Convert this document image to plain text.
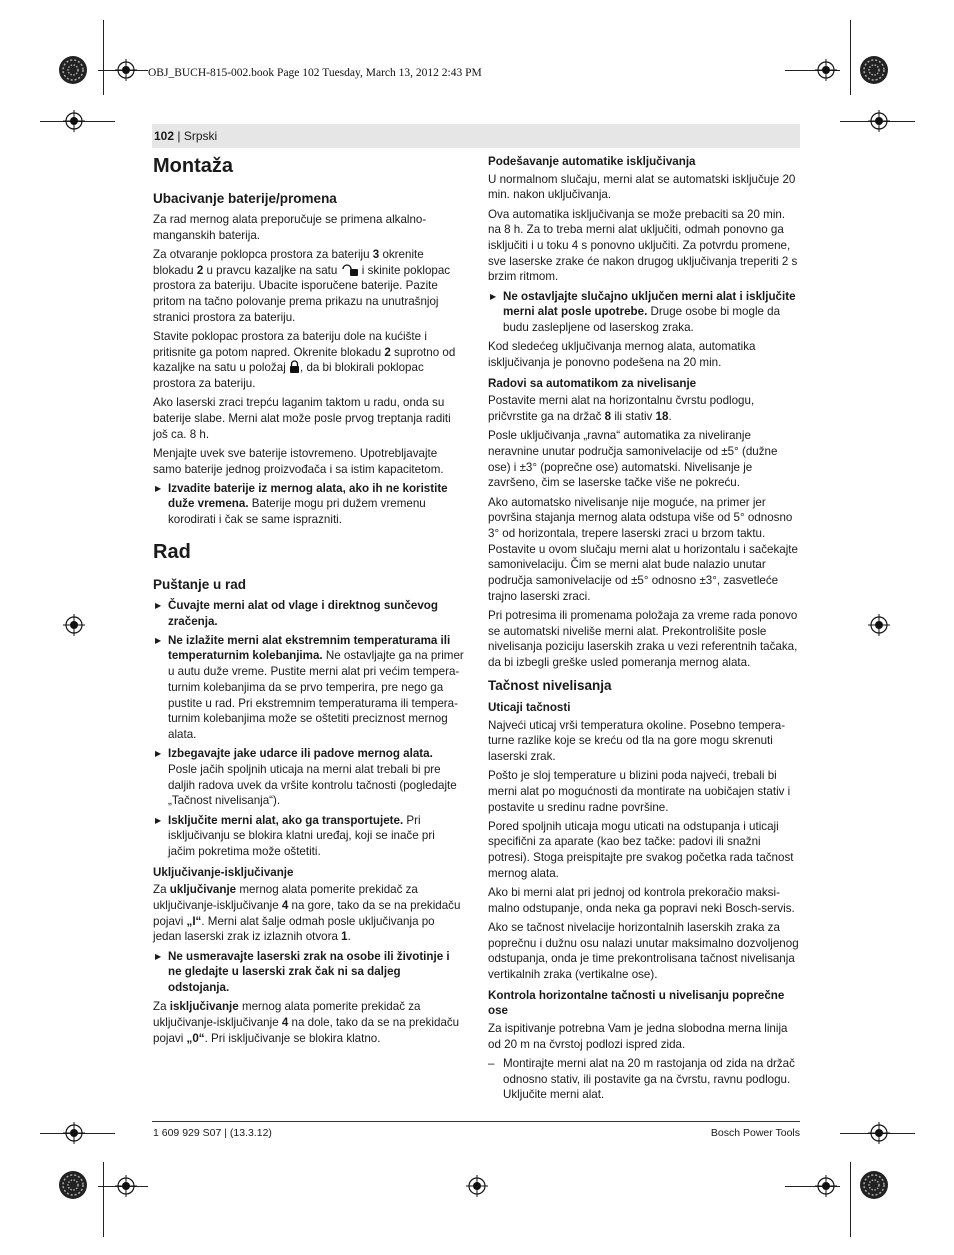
OBJ_BUCH-815-002.book Page 102 Tuesday, March 13, 2012 2:43 PM
102 | Srpski
Montaža
Ubacivanje baterije/promena

Za rad mernog alata preporučuje se primena alkalno-manganskih baterija.

Za otvaranje poklopca prostora za bateriju 3 okrenite blokadu 2 u pravcu kazaljke na satu  i skinite poklopac prostora za bateriju. Ubacite isporučene baterije. Pazite pritom na tačno polovanje prema prikazu na unutrašnjoj stranici prostora za bateriju.

Stavite poklopac prostora za bateriju dole na kućište i pritisnite ga potom napred. Okrenite blokadu 2 suprotno od kazaljke na satu u položaj , da bi blokirali poklopac prostora za bateriju.

Ako laserski zraci trepću laganim taktom u radu, onda su baterije slabe. Merni alat može posle prvog treptanja raditi još ca. 8 h.

Menjajte uvek sve baterije istovremeno. Upotrebljavajte samo baterije jednog proizvođača i sa istim kapacitetom.

▶ Izvadite baterije iz mernog alata, ako ih ne koristite duže vremena. Baterije mogu pri dužem vremenu korodirati i čak se same isprazniti.

Rad
Puštanje u rad

▶ Čuvajte merni alat od vlage i direktnog sunčevog zračenja.

▶ Ne izlažite merni alat ekstremnim temperaturama ili temperaturnim kolebanjima. Ne ostavljajte ga na primer u autu duže vreme. Pustite merni alat pri većim temperaturnim kolebanjima da se prvo temperira, pre nego ga pustite u rad. Pri ekstremnim temperaturama ili temperaturnim kolebanjima može se oštetiti preciznost mernog alata.

▶ Izbegavajte jake udarce ili padove mernog alata. Posle jačih spoljnih uticaja na merni alat trebali bi pre daljih radova uvek da vršite kontrolu tačnosti (pogledajte „Tačnost nivelisanja“).

▶ Isključite merni alat, ako ga transportujete. Pri isključivanju se blokira klatni uređaj, koji se inače pri jačim pokretima može oštetiti.

Uključivanje-isključivanje

Za uključivanje mernog alata pomerite prekidač za uključivanje-isključivanje 4 na gore, tako da se na prekidaču pojavi „I“. Merni alat šalje odmah posle uključivanja po jedan laserski zrak iz izlaznih otvora 1.

▶ Ne usmeravajte laserski zrak na osobe ili životinje i ne gledajte u laserski zrak čak ni sa daljeg odstojanja.

Za isključivanje mernog alata pomerite prekidač za uključivanje-isključivanje 4 na dole, tako da se na prekidaču pojavi „0“. Pri isključivanje se blokira klatno.

Podešavanje automatike isključivanja

U normalnom slučaju, merni alat se automatski isključuje 20 min. nakon uključivanja.

Ova automatika isključivanja se može prebaciti sa 20 min. na 8 h. Za to treba merni alat uključiti, odmah ponovno ga isključiti i u toku 4 s ponovno uključiti. Za potvrdu promene, sve laserske zrake će nakon drugog uključivanja treperiti 2 s brzim ritmom.

▶ Ne ostavljajte slučajno uključen merni alat i isključite merni alat posle upotrebe. Druge osobe bi mogle da budu zaslepljene od laserskog zraka.

Kod sledećeg uključivanja mernog alata, automatika isključivanja je ponovno podešena na 20 min.

Radovi sa automatikom za nivelisanje

Postavite merni alat na horizontalnu čvrstu podlogu, pričvrstite ga na držač 8 ili stativ 18.

Posle uključivanja „ravna“ automatika za niveliranje neravnine unutar područja samonivelacije od ±5° (dužne ose) i ±3° (poprečne ose) automatski. Nivelisanje je završeno, čim se laserske tačke više ne pokreću.

Ako automatsko nivelisanje nije moguće, na primer jer površina stajanja mernog alata odstupa više od 5° odnosno 3° od horizontala, trepere laserski zraci u brzom taktu. Postavite u ovom slučaju merni alat u horizontalu i sačekajte samonivelaciju. Čim se merni alat bude nalazio unutar područja samonivelacije od ±5° odnosno ±3°, zasvetleće trajno laserski zraci.

Pri potresima ili promenama položaja za vreme rada ponovo se automatski niveliše merni alat. Prekontrolišite posle nivelisanja poziciju laserskih zraka u vezi referentnih tačaka, da bi izbegli greške usled pomeranja mernog alata.

Tačnost nivelisanja
Uticaji tačnosti

Najveći uticaj vrši temperatura okoline. Posebno temperaturne razlike koje se kreću od tla na gore mogu skrenuti laserski zrak.

Pošto je sloj temperature u blizini poda najveći, trebali bi merni alat po mogućnosti da montirate na uobičajen stativ i postavite u sredinu radne površine.

Pored spoljnih uticaja mogu uticati na odstupanja i uticaji specifični za aparate (kao bez tačke: padovi ili snažni potresi). Stoga preispitajte pre svakog početka rada tačnost mernog alata.

Ako bi merni alat pri jednoj od kontrola prekoračio maksimalno odstupanje, onda neka ga popravi neki Bosch-servis.

Ako se tačnost nivelacije horizontalnih laserskih zraka za poprečnu i dužnu osu nalazi unutar maksimalno dozvoljenog odstupanja, onda je time prekontrolisana tačnost nivelisanja vertikalnih zraka (vertikalne ose).

Kontrola horizontalne tačnosti u nivelisanju poprečne ose

Za ispitivanje potrebna Vam je jedna slobodna merna linija od 20 m na čvrstoj podlozi ispred zida.

– Montirajte merni alat na 20 m rastojanja od zida na držač odnosno stativ, ili postavite ga na čvrstu, ravnu podlogu. Uključite merni alat.

1 609 929 S07 | (13.3.12)	Bosch Power Tools
